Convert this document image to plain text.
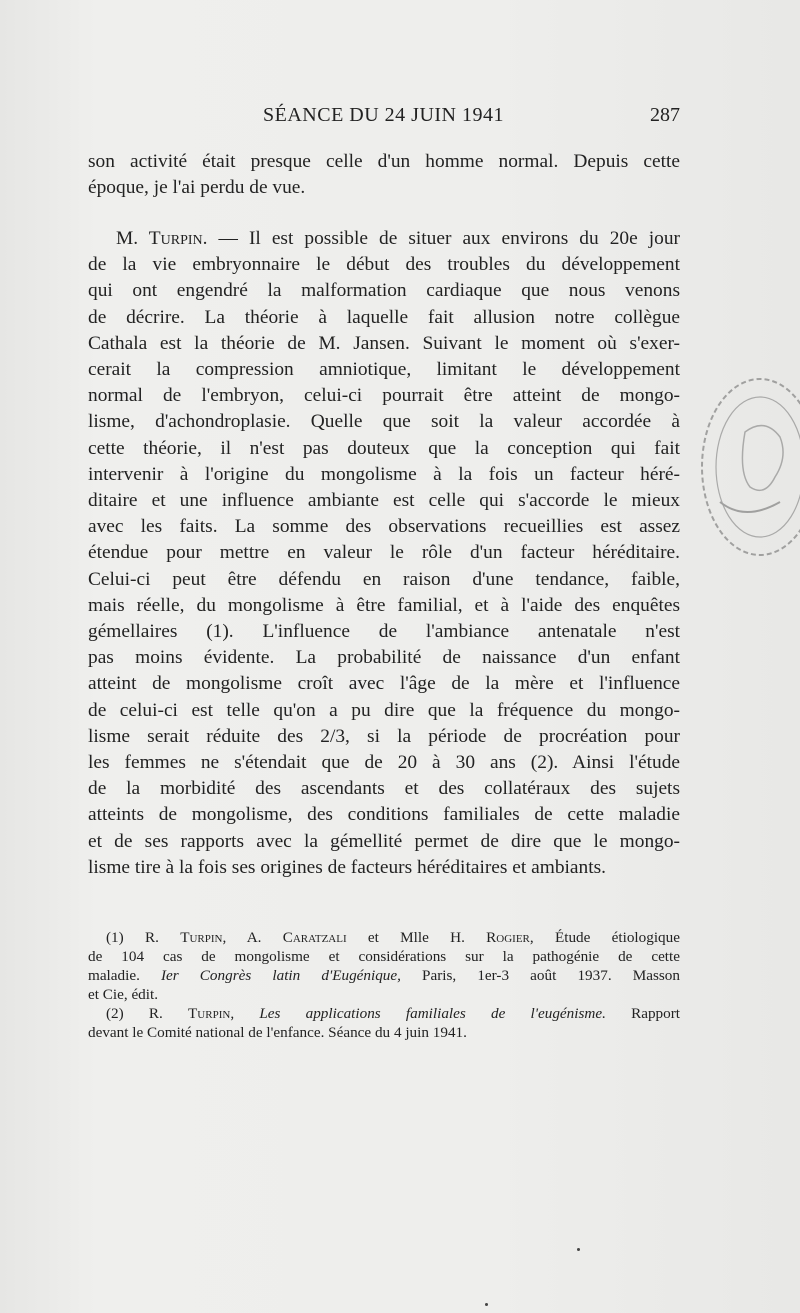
SÉANCE DU 24 JUIN 1941	287
son activité était presque celle d'un homme normal. Depuis cette
époque, je l'ai perdu de vue.
M. Turpin. — Il est possible de situer aux environs du 20e jour
de la vie embryonnaire le début des troubles du développement
qui ont engendré la malformation cardiaque que nous venons
de décrire. La théorie à laquelle fait allusion notre collègue
Cathala est la théorie de M. Jansen. Suivant le moment où s'exer-
cerait la compression amniotique, limitant le développement
normal de l'embryon, celui-ci pourrait être atteint de mongo-
lisme, d'achondroplasie. Quelle que soit la valeur accordée à
cette théorie, il n'est pas douteux que la conception qui fait
intervenir à l'origine du mongolisme à la fois un facteur héré-
ditaire et une influence ambiante est celle qui s'accorde le mieux
avec les faits. La somme des observations recueillies est assez
étendue pour mettre en valeur le rôle d'un facteur héréditaire.
Celui-ci peut être défendu en raison d'une tendance, faible,
mais réelle, du mongolisme à être familial, et à l'aide des enquêtes
gémellaires (1). L'influence de l'ambiance antenatale n'est
pas moins évidente. La probabilité de naissance d'un enfant
atteint de mongolisme croît avec l'âge de la mère et l'influence
de celui-ci est telle qu'on a pu dire que la fréquence du mongo-
lisme serait réduite des 2/3, si la période de procréation pour
les femmes ne s'étendait que de 20 à 30 ans (2). Ainsi l'étude
de la morbidité des ascendants et des collatéraux des sujets
atteints de mongolisme, des conditions familiales de cette maladie
et de ses rapports avec la gémellité permet de dire que le mongo-
lisme tire à la fois ses origines de facteurs héréditaires et ambiants.
(1) R. Turpin, A. Caratzali et Mlle H. Rogier, Étude étiologique
de 104 cas de mongolisme et considérations sur la pathogénie de cette
maladie. Ier Congrès latin d'Eugénique, Paris, 1er-3 août 1937. Masson
et Cie, édit.
(2) R. Turpin, Les applications familiales de l'eugénisme. Rapport
devant le Comité national de l'enfance. Séance du 4 juin 1941.
